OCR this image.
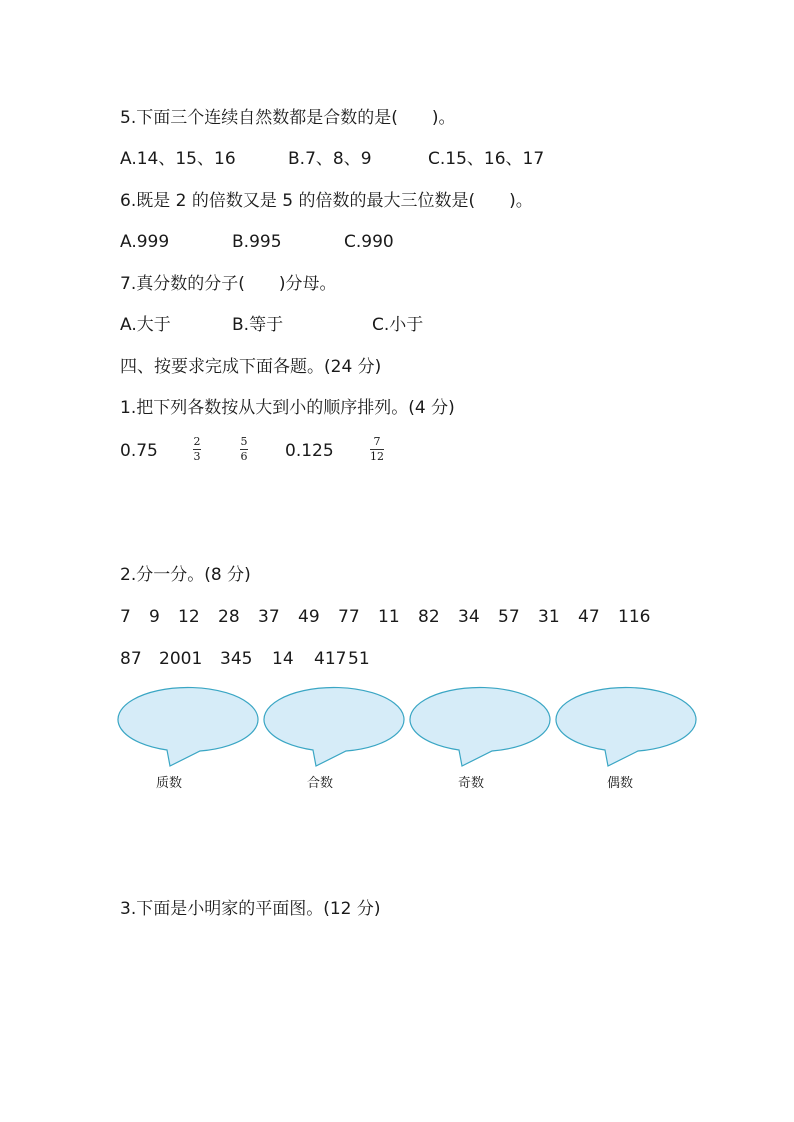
5.下面三个连续自然数都是合数的是(　　)。
A.14、15、16	B.7、8、9	C.15、16、17
6.既是 2 的倍数又是 5 的倍数的最大三位数是(　　)。
A.999	B.995	C.990
7.真分数的分子(　　)分母。
A.大于	B.等于	C.小于
四、按要求完成下面各题。(24 分)
1.把下列各数按从大到小的顺序排列。(4 分)
0.75	2
3
5
6 0.125	7
12
2.分一分。(8 分)
7 9 12 28 37 49 77 11 82 34 57 31 47 116
87 2001 345 14 417 51
质数	合数	奇数	偶数
3.下面是小明家的平面图。(12 分)
